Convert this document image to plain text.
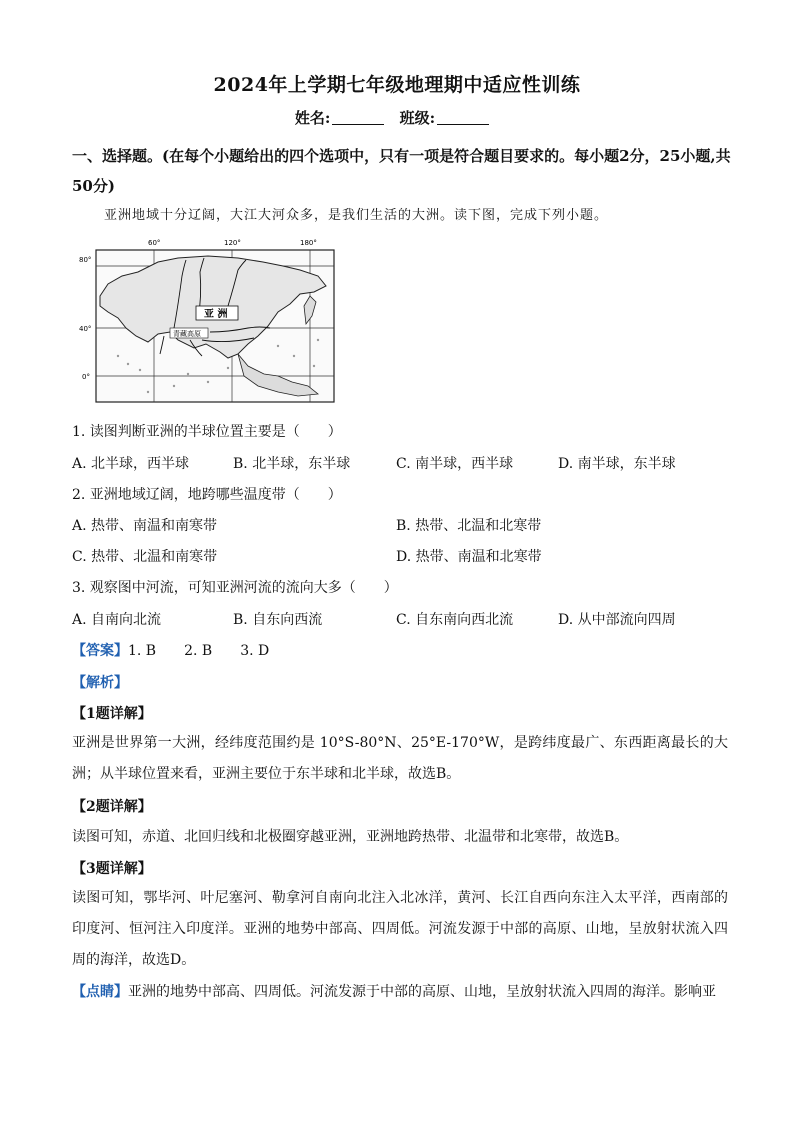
2024年上学期七年级地理期中适应性训练
姓名:	班级:
一、选择题。(在每个小题给出的四个选项中，只有一项是符合题目要求的。每小题2分，25小题,共50分)
亚洲地域十分辽阔，大江大河众多，是我们生活的大洲。读下图，完成下列小题。
60°	120°	180°
80°
40°
0°
亚 洲
青藏高原
1. 读图判断亚洲的半球位置主要是（　　）
A. 北半球，西半球	B. 北半球，东半球	C. 南半球，西半球	D. 南半球，东半球
2. 亚洲地域辽阔，地跨哪些温度带（　　）
A. 热带、南温和南寒带	B. 热带、北温和北寒带
C. 热带、北温和南寒带	D. 热带、南温和北寒带
3. 观察图中河流，可知亚洲河流的流向大多（　　）
A. 自南向北流	B. 自东向西流	C. 自东南向西北流	D. 从中部流向四周
【答案】1. B　　2. B　　3. D
【解析】
【1题详解】
亚洲是世界第一大洲，经纬度范围约是 10°S-80°N、25°E-170°W，是跨纬度最广、东西距离最长的大洲；从半球位置来看，亚洲主要位于东半球和北半球，故选B。
【2题详解】
读图可知，赤道、北回归线和北极圈穿越亚洲，亚洲地跨热带、北温带和北寒带，故选B。
【3题详解】
读图可知，鄂毕河、叶尼塞河、勒拿河自南向北注入北冰洋，黄河、长江自西向东注入太平洋，西南部的印度河、恒河注入印度洋。亚洲的地势中部高、四周低。河流发源于中部的高原、山地，呈放射状流入四周的海洋，故选D。
【点睛】亚洲的地势中部高、四周低。河流发源于中部的高原、山地，呈放射状流入四周的海洋。影响亚
